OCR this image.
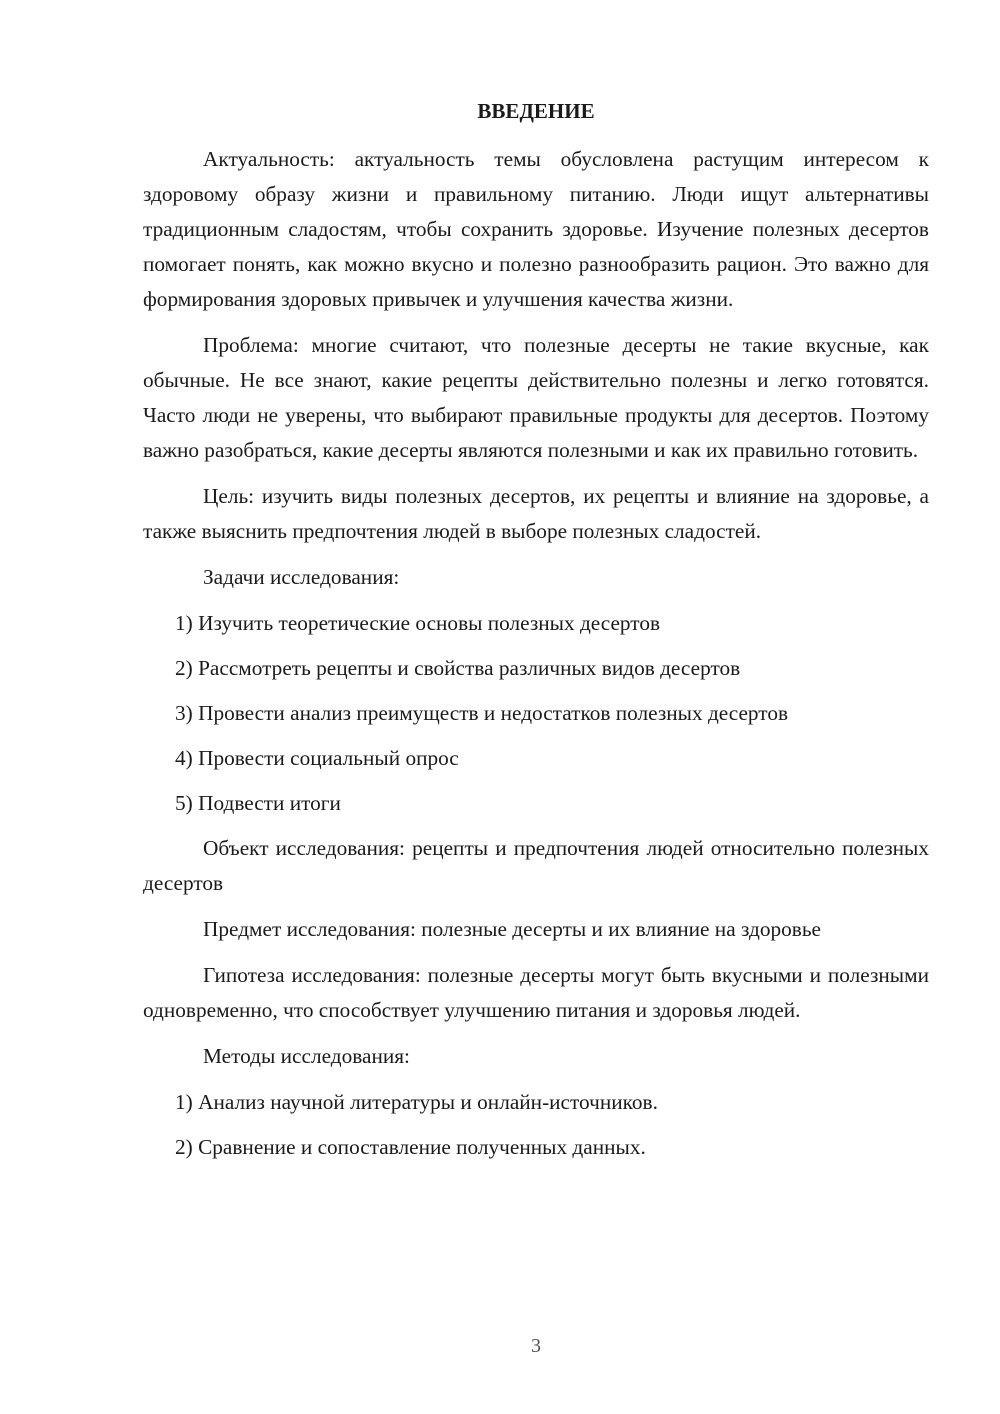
ВВЕДЕНИЕ

Актуальность: актуальность темы обусловлена растущим интересом к здоровому образу жизни и правильному питанию. Люди ищут альтернативы традиционным сладостям, чтобы сохранить здоровье. Изучение полезных десертов помогает понять, как можно вкусно и полезно разнообразить рацион. Это важно для формирования здоровых привычек и улучшения качества жизни.

Проблема: многие считают, что полезные десерты не такие вкусные, как обычные. Не все знают, какие рецепты действительно полезны и легко готовятся. Часто люди не уверены, что выбирают правильные продукты для десертов. Поэтому важно разобраться, какие десерты являются полезными и как их правильно готовить.

Цель: изучить виды полезных десертов, их рецепты и влияние на здоровье, а также выяснить предпочтения людей в выборе полезных сладостей.

Задачи исследования:

1) Изучить теоретические основы полезных десертов

2) Рассмотреть рецепты и свойства различных видов десертов

3) Провести анализ преимуществ и недостатков полезных десертов

4) Провести социальный опрос

5) Подвести итоги

Объект исследования: рецепты и предпочтения людей относительно полезных десертов

Предмет исследования: полезные десерты и их влияние на здоровье

Гипотеза исследования: полезные десерты могут быть вкусными и полезными одновременно, что способствует улучшению питания и здоровья людей.

Методы исследования:

1) Анализ научной литературы и онлайн-источников.

2) Сравнение и сопоставление полученных данных.

3
